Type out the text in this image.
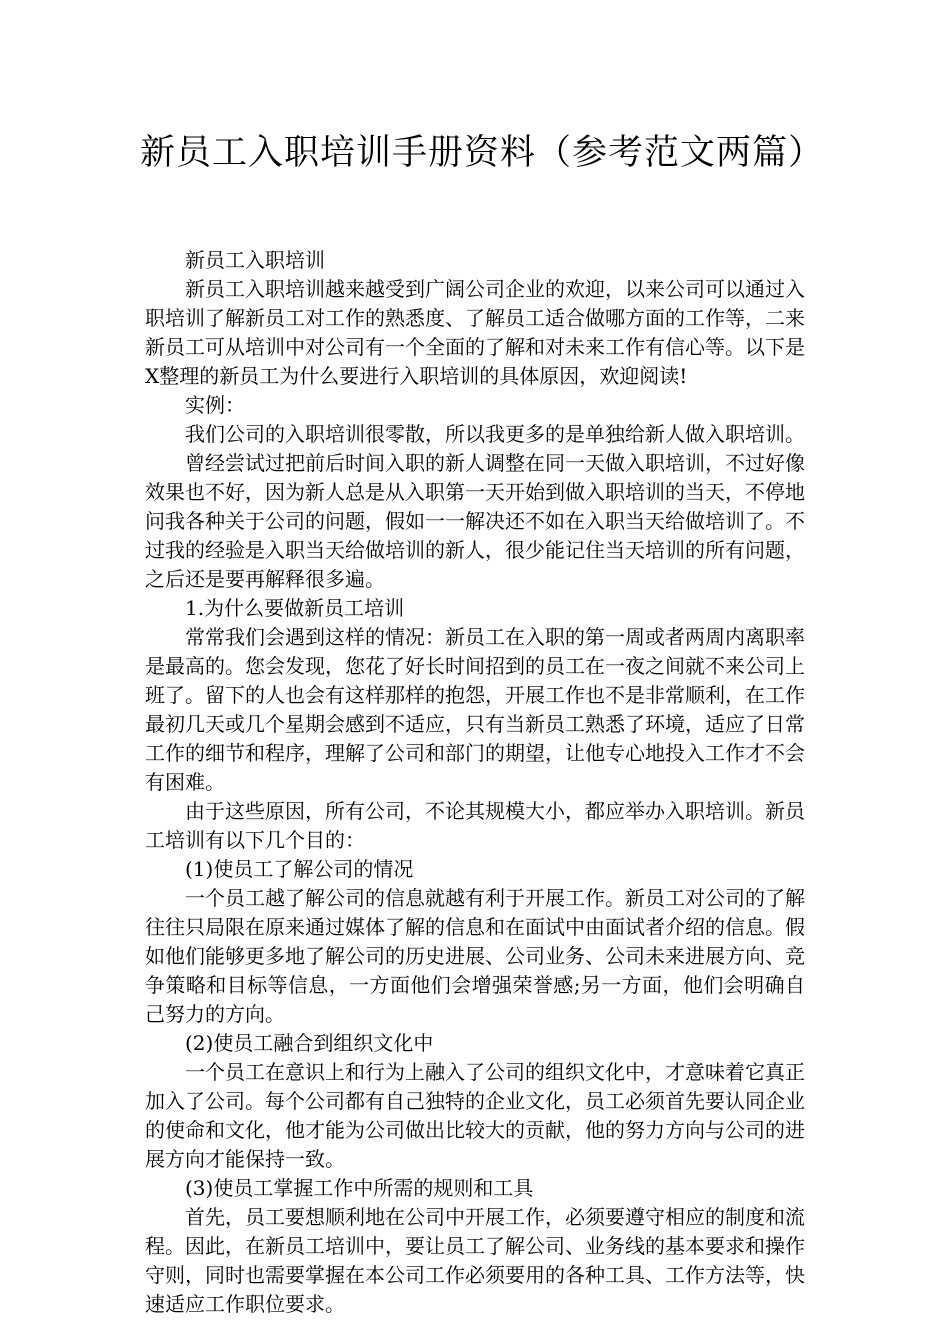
新员工入职培训手册资料（参考范文两篇）

新员工入职培训

新员工入职培训越来越受到广阔公司企业的欢迎，以来公司可以通过入职培训了解新员工对工作的熟悉度、了解员工适合做哪方面的工作等，二来新员工可从培训中对公司有一个全面的了解和对未来工作有信心等。以下是X整理的新员工为什么要进行入职培训的具体原因，欢迎阅读!

实例：

我们公司的入职培训很零散，所以我更多的是单独给新人做入职培训。

曾经尝试过把前后时间入职的新人调整在同一天做入职培训，不过好像效果也不好，因为新人总是从入职第一天开始到做入职培训的当天，不停地问我各种关于公司的问题，假如一一解决还不如在入职当天给做培训了。不过我的经验是入职当天给做培训的新人，很少能记住当天培训的所有问题，之后还是要再解释很多遍。

1.为什么要做新员工培训

常常我们会遇到这样的情况：新员工在入职的第一周或者两周内离职率是最高的。您会发现，您花了好长时间招到的员工在一夜之间就不来公司上班了。留下的人也会有这样那样的抱怨，开展工作也不是非常顺利，在工作最初几天或几个星期会感到不适应，只有当新员工熟悉了环境，适应了日常工作的细节和程序，理解了公司和部门的期望，让他专心地投入工作才不会有困难。

由于这些原因，所有公司，不论其规模大小，都应举办入职培训。新员工培训有以下几个目的：

(1)使员工了解公司的情况

一个员工越了解公司的信息就越有利于开展工作。新员工对公司的了解往往只局限在原来通过媒体了解的信息和在面试中由面试者介绍的信息。假如他们能够更多地了解公司的历史进展、公司业务、公司未来进展方向、竞争策略和目标等信息，一方面他们会增强荣誉感;另一方面，他们会明确自己努力的方向。

(2)使员工融合到组织文化中

一个员工在意识上和行为上融入了公司的组织文化中，才意味着它真正加入了公司。每个公司都有自己独特的企业文化，员工必须首先要认同企业的使命和文化，他才能为公司做出比较大的贡献，他的努力方向与公司的进展方向才能保持一致。

(3)使员工掌握工作中所需的规则和工具

首先，员工要想顺利地在公司中开展工作，必须要遵守相应的制度和流程。因此，在新员工培训中，要让员工了解公司、业务线的基本要求和操作守则，同时也需要掌握在本公司工作必须要用的各种工具、工作方法等，快速适应工作职位要求。
